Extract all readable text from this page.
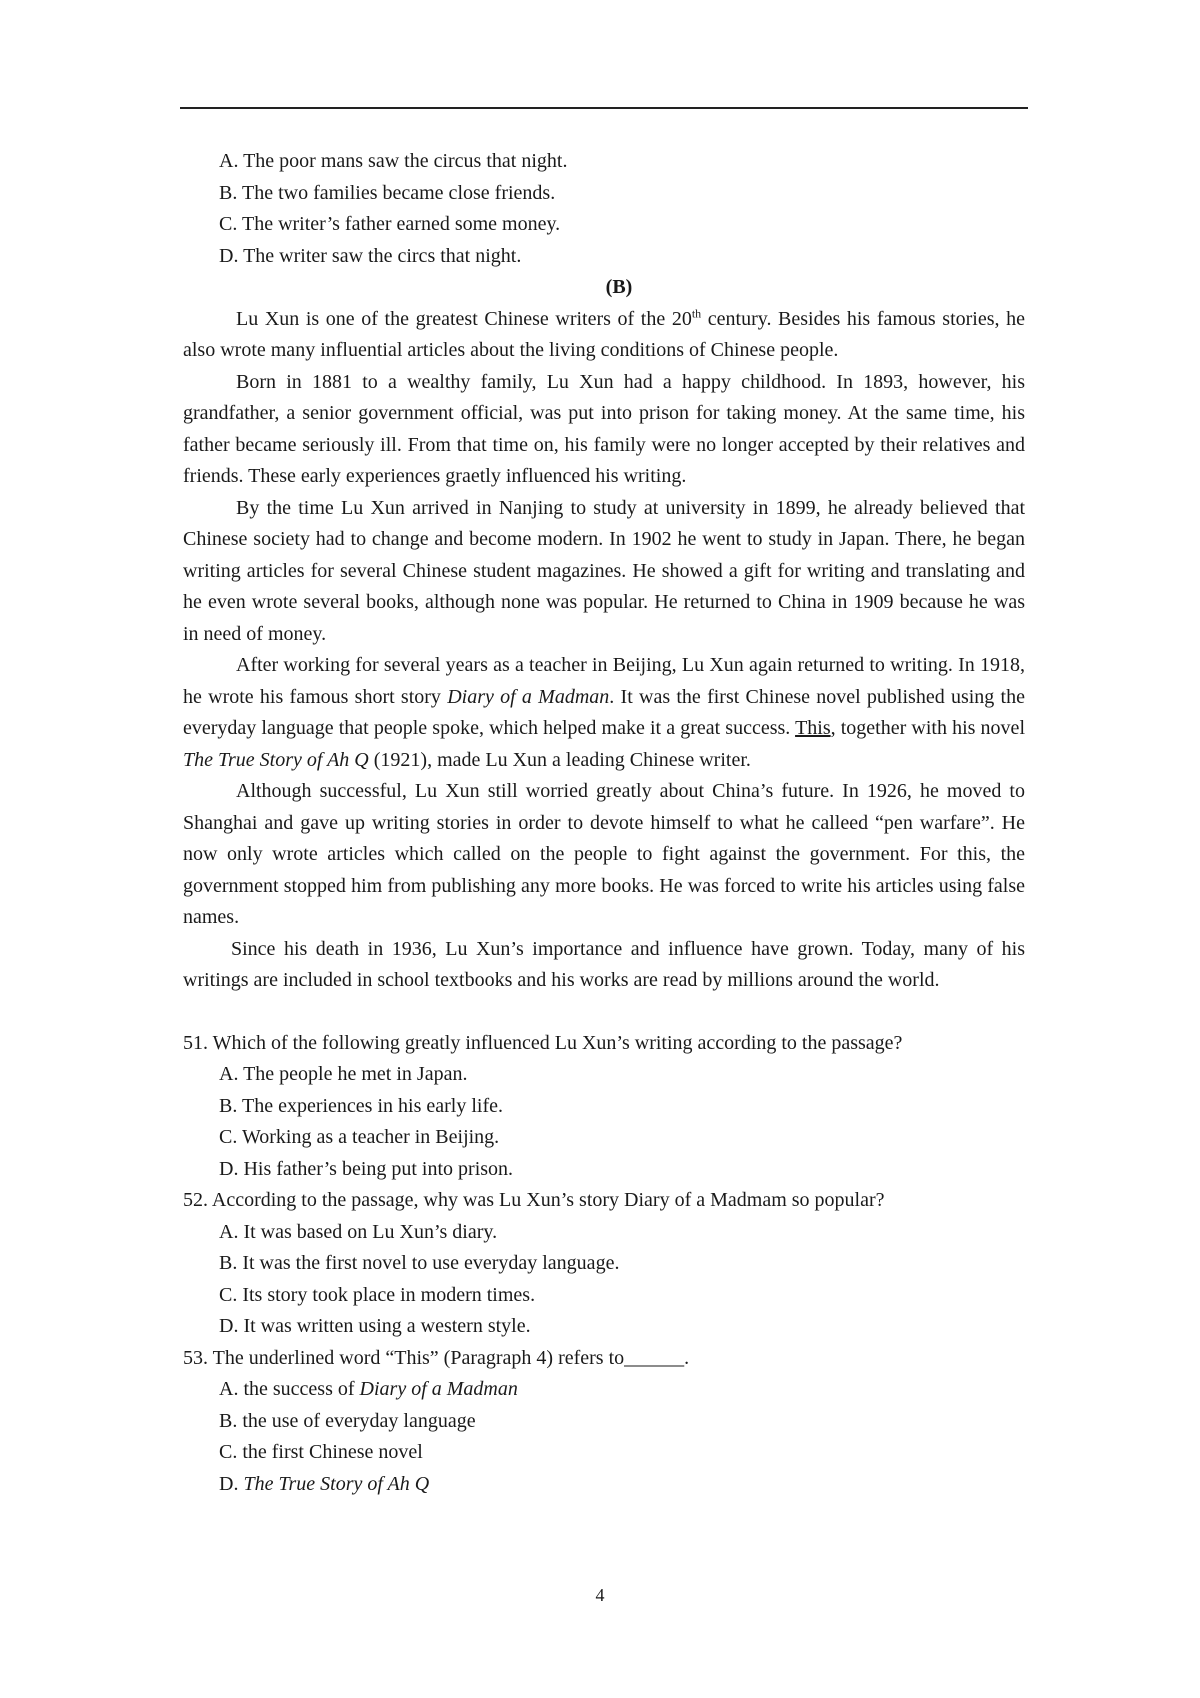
A. The poor mans saw the circus that night.
B. The two families became close friends.
C. The writer’s father earned some money.
D. The writer saw the circs that night.
(B)
Lu Xun is one of the greatest Chinese writers of the 20th century. Besides his famous stories, he also wrote many influential articles about the living conditions of Chinese people.
Born in 1881 to a wealthy family, Lu Xun had a happy childhood. In 1893, however, his grandfather, a senior government official, was put into prison for taking money. At the same time, his father became seriously ill. From that time on, his family were no longer accepted by their relatives and friends. These early experiences graetly influenced his writing.
By the time Lu Xun arrived in Nanjing to study at university in 1899, he already believed that Chinese society had to change and become modern. In 1902 he went to study in Japan. There, he began writing articles for several Chinese student magazines. He showed a gift for writing and translating and he even wrote several books, although none was popular. He returned to China in 1909 because he was in need of money.
After working for several years as a teacher in Beijing, Lu Xun again returned to writing. In 1918, he wrote his famous short story Diary of a Madman. It was the first Chinese novel published using the everyday language that people spoke, which helped make it a great success. This, together with his novel The True Story of Ah Q (1921), made Lu Xun a leading Chinese writer.
Although successful, Lu Xun still worried greatly about China’s future. In 1926, he moved to Shanghai and gave up writing stories in order to devote himself to what he calleed “pen warfare”. He now only wrote articles which called on the people to fight against the government. For this, the government stopped him from publishing any more books. He was forced to write his articles using false names.
Since his death in 1936, Lu Xun’s importance and influence have grown. Today, many of his writings are included in school textbooks and his works are read by millions around the world.
51. Which of the following greatly influenced Lu Xun’s writing according to the passage?
A. The people he met in Japan.
B. The experiences in his early life.
C. Working as a teacher in Beijing.
D. His father’s being put into prison.
52. According to the passage, why was Lu Xun’s story Diary of a Madmam so popular?
A. It was based on Lu Xun’s diary.
B. It was the first novel to use everyday language.
C. Its story took place in modern times.
D. It was written using a western style.
53. The underlined word “This” (Paragraph 4) refers to______.
A. the success of Diary of a Madman
B. the use of everyday language
C. the first Chinese novel
D. The True Story of Ah Q
4
